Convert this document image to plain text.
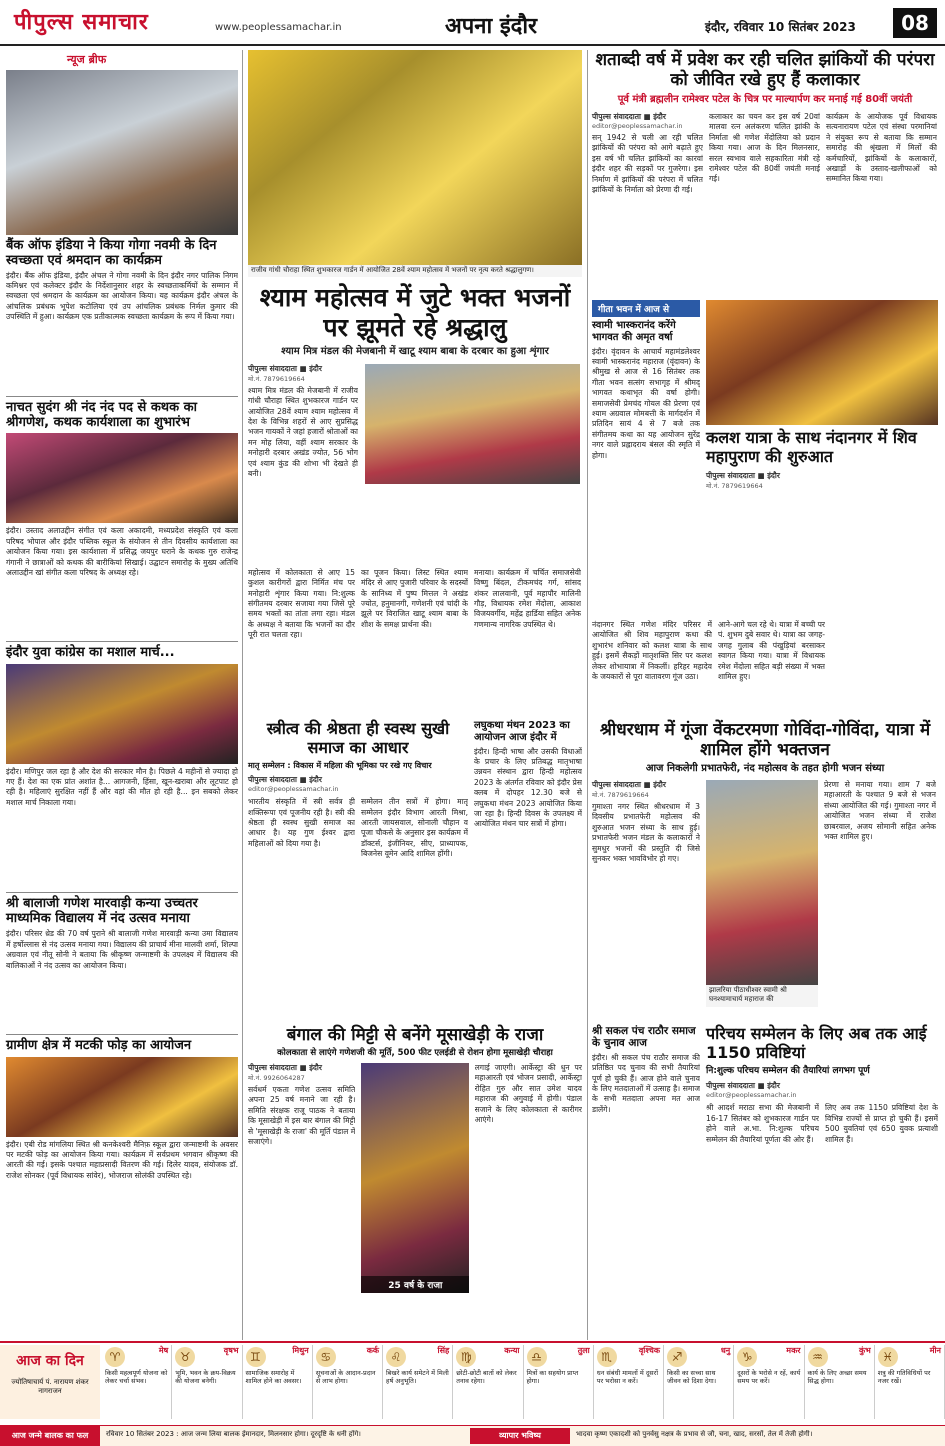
पीपुल्स समाचार	www.peoplessamachar.in	अपना इंदौर	इंदौर, रविवार 10 सितंबर 2023	08
न्यूज ब्रीफ
बैंक ऑफ इंडिया ने किया गोगा नवमी के दिन स्वच्छता एवं श्रमदान का कार्यक्रम
इंदौर। बैंक ऑफ इंडिया, इंदौर अंचल ने गोगा नवमी के दिन इंदौर नगर पालिक निगम कमिश्नर एवं कलेक्टर इंदौर के निर्देशानुसार शहर के स्वच्छताकर्मियों के सम्मान में स्वच्छता एवं श्रमदान के कार्यक्रम का आयोजन किया। यह कार्यक्रम इंदौर अंचल के आंचलिक प्रबंधक भूपेश कटोलिया एवं उप आंचलिक प्रबंधक निर्मल कुमार की उपस्थिति में हुआ। कार्यक्रम एक प्रतीकात्मक स्वच्छता कार्यक्रम के रूप में किया गया।
नाचत सुदंग श्री नंद नंद पद से कथक का श्रीगणेश, कथक कार्यशाला का शुभारंभ
इंदौर। उस्ताद अलाउद्दीन संगीत एवं कला अकादमी, मध्यप्रदेश संस्कृति एवं कला परिषद भोपाल और इंदौर पब्लिक स्कूल के संयोजन से तीन दिवसीय कार्यशाला का आयोजन किया गया। इस कार्यशाला में प्रसिद्ध जयपुर घराने के कथक गुरु राजेन्द्र गंगानी ने छात्राओं को कथक की बारीकियां सिखाई। उद्घाटन समारोह के मुख्य अतिथि अलाउद्दीन खां संगीत कला परिषद के अध्यक्ष रहे।
इंदौर युवा कांग्रेस का मशाल मार्च...
इंदौर। मणिपुर जल रहा है और देश की सरकार मौन है। पिछले 4 महीनों से ज्यादा हो गए हैं। देश का एक प्रांत अशांत है... आगजनी, हिंसा, खून-खराबा और लूटपाट हो रही है। महिलाएं सुरक्षित नहीं हैं और वहां की मौत हो रही है... इन सबको लेकर मशाल मार्च निकाला गया।
श्री बालाजी गणेश मारवाड़ी कन्या उच्चतर माध्यमिक विद्यालय में नंद उत्सव मनाया
इंदौर। परिसर थ्रेड की 70 वर्ष पुराने श्री बालाजी गणेश मारवाड़ी कन्या उमा विद्यालय में हर्षोल्लास से नंद उत्सव मनाया गया। विद्यालय की प्राचार्य मीना मालवी शर्मा, शिल्पा अग्रवाल एवं नीतू सोनी ने बताया कि श्रीकृष्ण जन्माष्टमी के उपलक्ष्य में विद्यालय की बालिकाओं ने नंद उत्सव का आयोजन किया।
ग्रामीण क्षेत्र में मटकी फोड़ का आयोजन
इंदौर। एबी रोड मांगलिया स्थित श्री कनकेश्वरी मैनिफ़ स्कूल द्वारा जन्माष्टमी के अवसर पर मटकी फोड़ का आयोजन किया गया। कार्यक्रम में सर्वप्रथम भगवान श्रीकृष्ण की आरती की गई। इसके पश्चात महाप्रसादी वितरण की गई। दिलेर यादव, संयोजक डॉ. राजेश सोनकर (पूर्व विधायक सांवेर), भोजराज सोलंकी उपस्थित रहे।
राजीव गांधी चौराहा स्थित शुभकारज गार्डन में आयोजित 28वें श्याम महोत्सव में भजनों पर नृत्य करते श्रद्धालुगण।
श्याम महोत्सव में जुटे भक्त भजनों पर झूमते रहे श्रद्धालु
श्याम मित्र मंडल की मेजबानी में खाटू श्याम बाबा के दरबार का हुआ शृंगार
पीपुल्स संवाददाता ■ इंदौर
मो.नं. 7879619664
श्याम मित्र मंडल की मेजबानी में राजीव गांधी चौराहा स्थित शुभकारज गार्डन पर आयोजित 28वें श्याम श्याम महोत्सव में देश के विभिन्न शहरों से आए सुप्रसिद्ध भजन गायकों ने जहां हजारों श्रोताओं का मन मोह लिया, वहीं श्याम सरकार के मनोहारी दरबार अखंड ज्योत, 56 भोग एवं श्याम कुंड की शोभा भी देखते ही बनी।
महोत्सव में कोलकाता से आए 15 कुशल कारीगरों द्वारा निर्मित मंच पर मनोहारी शृंगार किया गया। नि:शुल्क संगीतमय दरबार सजाया गया जिसे पूरे समय भक्तों का तांता लगा रहा। मंडल के अध्यक्ष ने बताया कि भजनों का दौर पूरी रात चलता रहा।
का पूजन किया। लिस्ट स्थित श्याम मंदिर से आए पुजारी परिवार के सदस्यों के सानिध्य में पुष्प मित्तल ने अखंड ज्योत, हनुमानगी, गणेशनी एवं चांदी के झूले पर विराजित खाटू श्याम बाबा के शीश के समक्ष प्रार्थना की।
मनाया। कार्यक्रम में चर्चित समाजसेवी विष्णु बिंदल, टीकमचंद गर्ग, सांसद शंकर लालवानी, पूर्व महापौर मालिनी गौड़, विधायक रमेश मेंदोला, आकाश विजयवर्गीय, महेंद्र हार्डिया सहित अनेक गणमान्य नागरिक उपस्थित थे।
शताब्दी वर्ष में प्रवेश कर रही चलित झांकियों की परंपरा को जीवित रखे हुए हैं कलाकार
पूर्व मंत्री ब्रह्मलीन रामेश्वर पटेल के चित्र पर माल्यार्पण कर मनाई गई 80वीं जयंती
पीपुल्स संवाददाता ■ इंदौर
editor@peoplessamachar.in
सन् 1942 से चली आ रही चलित झांकियों की परंपरा को आगे बढ़ाते हुए इस वर्ष भी चलित झांकियों का कारवां इंदौर शहर की सड़कों पर गुजरेगा। इस निर्माण में झांकियों की परंपरा में चलित झांकियों के निर्माता को प्रेरणा दी गई।
कलाकार का चयन कर इस वर्ष 20वां मालवा रत्न अलंकरण चलित झांकी के निर्माता श्री गणेश मेंदोलिया को प्रदान किया गया। आज के दिन मिलनसार, सरल स्वभाव वाले सहकारिता मंत्री रहे रामेश्वर पटेल की 80वीं जयंती मनाई गई।
कार्यक्रम के आयोजक पूर्व विधायक सत्यनारायण पटेल एवं संस्था परमानियां ने संयुक्त रूप से बताया कि सम्मान समारोह की श्रृंखला में मिलों की कर्मचारियों, झांकियों के कलाकारों, अखाड़ों के उस्ताद-खलीफाओं को सम्मानित किया गया।
गीता भवन में आज से
स्वामी भास्करानंद करेंगे भागवत की अमृत वर्षा
इंदौर। वृंदावन के आचार्य महामंडलेश्वर स्वामी भास्करानंद महाराज (वृंदावन) के श्रीमुख से आज से 16 सितंबर तक गीता भवन सत्संग सभागृह में श्रीमद् भागवत कथाभृत की वर्षा होगी। समाजसेवी प्रेमचंद गोयल की प्रेरणा एवं श्याम अग्रवाल मोमबत्ती के मार्गदर्शन में प्रतिदिन सायं 4 से 7 बजे तक संगीतमय कथा का यह आयोजन सुरेंद्र नगर वाले प्रह्लादराय बंसल की स्मृति में होगा।
कलश यात्रा के साथ नंदानगर में शिव महापुराण की शुरुआत
पीपुल्स संवाददाता ■ इंदौर
मो.नं. 7879619664
नंदानगर स्थित गणेश मंदिर परिसर में आयोजित श्री शिव महापुराण कथा की शुभारंभ शनिवार को कलश यात्रा के साथ हुई। इसमें सैकड़ों मातृशक्ति सिर पर कलश लेकर शोभायात्रा में निकलीं। हरिहर महादेव के जयकारों से पूरा वातावरण गूंज उठा।
आने-आगे चल रहे थे। यात्रा में बच्ची पर पं. शुभम दुबे सवार थे। यात्रा का जगह-जगह गुलाब की पंखुड़ियां बरसाकर स्वागत किया गया। यात्रा में विधायक रमेश मेंदोला सहित बड़ी संख्या में भक्त शामिल हुए।
स्त्रीत्व की श्रेष्ठता ही स्वस्थ सुखी समाज का आधार
मातृ सम्मेलन : विकास में महिला की भूमिका पर रखे गए विचार
पीपुल्स संवाददाता ■ इंदौर
editor@peoplessamachar.in
भारतीय संस्कृति में स्त्री सर्वत्र ही शक्तिरूपा एवं पूजनीय रही है। स्त्री की श्रेष्ठता ही स्वस्थ सुखी समाज का आधार है। यह गुण ईश्वर द्वारा महिलाओं को दिया गया है।
सम्मेलन तीन सत्रों में होगा। मातृ सम्मेलन इंदौर विभाग आरती मिश्रा, आरती जायसवाल, सोनाली चौहान व पूजा चौकसे के अनुसार इस कार्यक्रम में डॉक्टर्स, इंजीनियर, सीए, प्राध्यापक, बिजनेस वूमेन आदि शामिल होंगी।
लघुकथा मंथन 2023 का आयोजन आज इंदौर में
इंदौर। हिन्दी भाषा और उसकी विधाओं के प्रचार के लिए प्रतिबद्ध मातृभाषा उन्नयन संस्थान द्वारा हिन्दी महोत्सव 2023 के अंतर्गत रविवार को इंदौर प्रेस क्लब में दोपहर 12.30 बजे से लघुकथा मंथन 2023 आयोजित किया जा रहा है। हिन्दी दिवस के उपलक्ष्य में आयोजित मंथन चार सत्रों में होगा।
श्रीधरधाम में गूंजा वेंकटरमणा गोविंदा-गोविंदा, यात्रा में शामिल होंगे भक्तजन
आज निकलेगी प्रभातफेरी, नंद महोत्सव के तहत होगी भजन संध्या
पीपुल्स संवाददाता ■ इंदौर
मो.नं. 7879619664
गुमाश्ता नगर स्थित श्रीधरधाम में 3 दिवसीय प्रभातफेरी महोत्सव की शुरुआत भजन संध्या के साथ हुई। प्रभातफेरी भजन मंडल के कलाकारों ने सुमधुर भजनों की प्रस्तुति दी जिसे सुनकर भक्त भावविभोर हो गए।
झालरिया पीठाधीश्वर स्वामी श्री घनश्यामाचार्य महाराज की
प्रेरणा से मनाया गया। शाम 7 बजे महाआरती के पश्चात 9 बजे से भजन संध्या आयोजित की गई। गुमाश्ता नगर में आयोजित भजन संध्या में राजेश छाबरवाल, अजय सोमानी सहित अनेक भक्त शामिल हुए।
बंगाल की मिट्टी से बनेंगे मूसाखेड़ी के राजा
कोलकाता से लाएंगे गणेशजी की मूर्ति, 500 फीट एलईडी से रोशन होगा मूसाखेड़ी चौराहा
पीपुल्स संवाददाता ■ इंदौर
मो.नं. 9926064287
सर्वधर्म एकता गणेश उत्सव समिति अपना 25 वर्ष मनाने जा रही है। समिति संरक्षक राजू पाठक ने बताया कि मूसाखेड़ी में इस बार बंगाल की मिट्टी से 'मूसाखेड़ी के राजा' की मूर्ति पंडाल में सजाएंगे।
25 वर्ष के राजा
लगाई जाएगी। आर्केस्ट्रा की धुन पर महाआरती एवं भोजन प्रसादी, आर्केस्ट्रा रोहित गुरु और सात उमेश यादव महाराज की अगुवाई में होगी। पंडाल सजाने के लिए कोलकाता से कारीगर आएंगे।
श्री सकल पंच राठौर समाज के चुनाव आज
इंदौर। श्री सकल पंच राठौर समाज की प्रतिष्ठित पद चुनाव की सभी तैयारियां पूर्ण हो चुकी हैं। आज होने वाले चुनाव के लिए मतदाताओं में उत्साह है। समाज के सभी मतदाता अपना मत आज डालेंगे।
परिचय सम्मेलन के लिए अब तक आई 1150 प्रविष्टियां
नि:शुल्क परिचय सम्मेलन की तैयारियां लगभग पूर्ण
पीपुल्स संवाददाता ■ इंदौर
editor@peoplessamachar.in
श्री आदर्श मराठा सभा की मेजबानी में 16-17 सितंबर को शुभकारज गार्डन पर होने वाले अ.भा. नि:शुल्क परिचय सम्मेलन की तैयारियां पूर्णता की ओर हैं।
लिए अब तक 1150 प्रविष्टियां देश के विभिन्न राज्यों से प्राप्त हो चुकी हैं। इसमें 500 युवतियां एवं 650 युवक प्रत्याशी शामिल हैं।
आज का दिन
ज्योतिषाचार्य पं. नारायण शंकर नागराजन
♈	मेष
किसी महत्वपूर्ण योजना को लेकर चर्चा संभव।
♉	वृषभ
भूमि, भवन के क्रय-विक्रय की योजना बनेगी।
♊	मिथुन
सामाजिक समारोह में शामिल होने का अवसर।
♋	कर्क
सूचनाओं के आदान-प्रदान से लाभ होगा।
♌	सिंह
बिखरे कार्य समेटने में मिली हर्ष अनुभूति।
♍	कन्या
छोटी-छोटी बातों को लेकर तनाव रहेगा।
♎	तुला
मित्रों का सहयोग प्राप्त होगा।
♏	वृश्चिक
धन संबंधी मामलों में दूसरों पर भरोसा न करें।
♐	धनु
किसी का सच्चा साथ जीवन को दिशा देगा।
♑	मकर
दूसरों के भरोसे न रहें, कार्य समय पर करें।
♒	कुंभ
कार्य के लिए अच्छा समय सिद्ध होगा।
♓	मीन
शत्रु की गतिविधियों पर नजर रखें।
आज जन्मे बालक का फल	रविवार 10 सितंबर 2023 : आज जन्म लिया बालक ईमानदार, मिलनसार होगा। दूरदृष्टि के धनी होंगे।	व्यापार भविष्य	भादवा कृष्ण एकादशी को पुनर्वसु नक्षत्र के प्रभाव से जौ, चना, खाद, सरसों, तेल में तेजी होगी।
